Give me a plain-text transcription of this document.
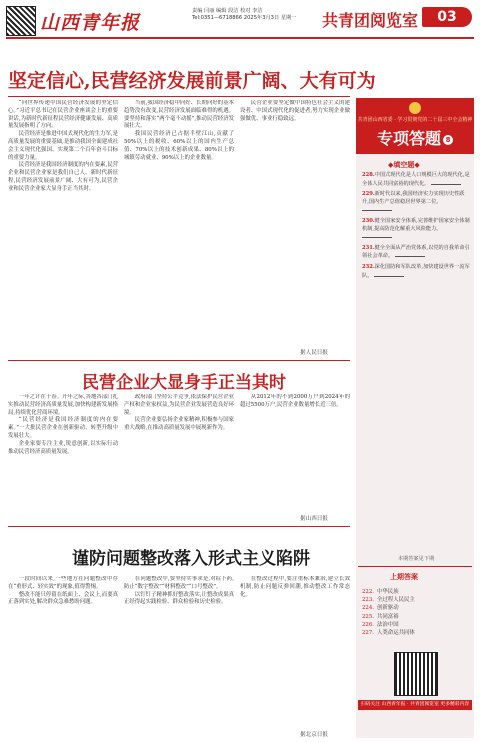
山西青年报
责编 闫丽 编辑 段洁 校对 李洁
Tel:0351—6718866 2025年3月3日 星期一	共青团阅览室	03
坚定信心,民营经济发展前景广阔、大有可为

“向世界传递中国民营经济发展的坚定信心。”习近平总书记在民营企业座谈会上的重要讲话,为新时代新征程民营经济健康发展、高质量发展指明了方向。

民营经济是推进中国式现代化的生力军,是高质量发展的重要基础,是推动我国全面建成社会主义现代化强国、实现第二个百年奋斗目标的重要力量。

民营经济是我国经济制度的内在要素,民营企业和民营企业家是我们自己人。新时代新征程,民营经济发展前景广阔、大有可为,民营企业和民营企业家大显身手正当其时。

当前,我国经济稳中向好、长期向好的基本趋势没有改变,民营经济发展面临难得的机遇。要坚持和落实“两个毫不动摇”,推动民营经济发展壮大。

我国民营经济已占据半壁江山,贡献了50%以上的税收、60%以上的国内生产总值、70%以上的技术创新成果、80%以上的城镇劳动就业、90%以上的企业数量。

民营企业要坚定做中国特色社会主义的建设者、中国式现代化的促进者,努力实现企业做强做优、事业行稳致远。

据人民日报
民营企业大显身手正当其时

一年之计在于春。开年之际,各地各部门扎实推动民营经济高质量发展,加快构建新发展格局,持续优化营商环境。

“民营经济是我国经济制度的内在要素。”一大批民营企业在创新驱动、转型升级中发展壮大。

企业家要专注主业,锐意创新,以实际行动推动民营经济高质量发展。

政府部门坚持公平竞争,依法保护民营企业产权和企业家权益,为民营企业发展营造良好环境。

民营企业要弘扬企业家精神,积极参与国家重大战略,在推动高质量发展中展现新作为。

从2012年的不到2000万户到2024年的超过5500万户,民营企业数量增长近三倍。

据山西日报
谨防问题整改落入形式主义陷阱

一段时间以来,一些地方在问题整改中存在“重形式、轻实效”的现象,值得警惕。

整改不能只停留在纸面上、会议上,而要真正落到实处,解决群众急难愁盼问题。

在问题整改中,要坚持实事求是,对症下药,防止“数字整改”“材料整改”“口号整改”。

以钉钉子精神抓好整改落实,让整改成果真正经得起实践检验、群众检验和历史检验。

在整改过程中,要注重标本兼治,建立长效机制,防止问题反弹回潮,推动整改工作常态化。

据北京日报
共青团山西省委 · 学习贯彻党的二十届三中全会精神
专项答题 8
◆填空题◆
228.中国式现代化是人口规模巨大的现代化,是全体人民共同富裕的现代化。
229.新时代以来,我国经济实力实现历史性跃升,国内生产总值稳居世界第二位。
230.健全国家安全体系,完善维护国家安全体制机制,提高防范化解重大风险能力。
231.健全全面从严治党体系,以党的自我革命引领社会革命。
232.深化国防和军队改革,加快建设世界一流军队。
本期答案见下期
上期答案
222. 中华民族
223. 全过程人民民主
224. 创新驱动
225. 共同富裕
226. 法治中国
227. 人类命运共同体
扫码关注 山西青年报 · 共青团阅览室 更多精彩内容
